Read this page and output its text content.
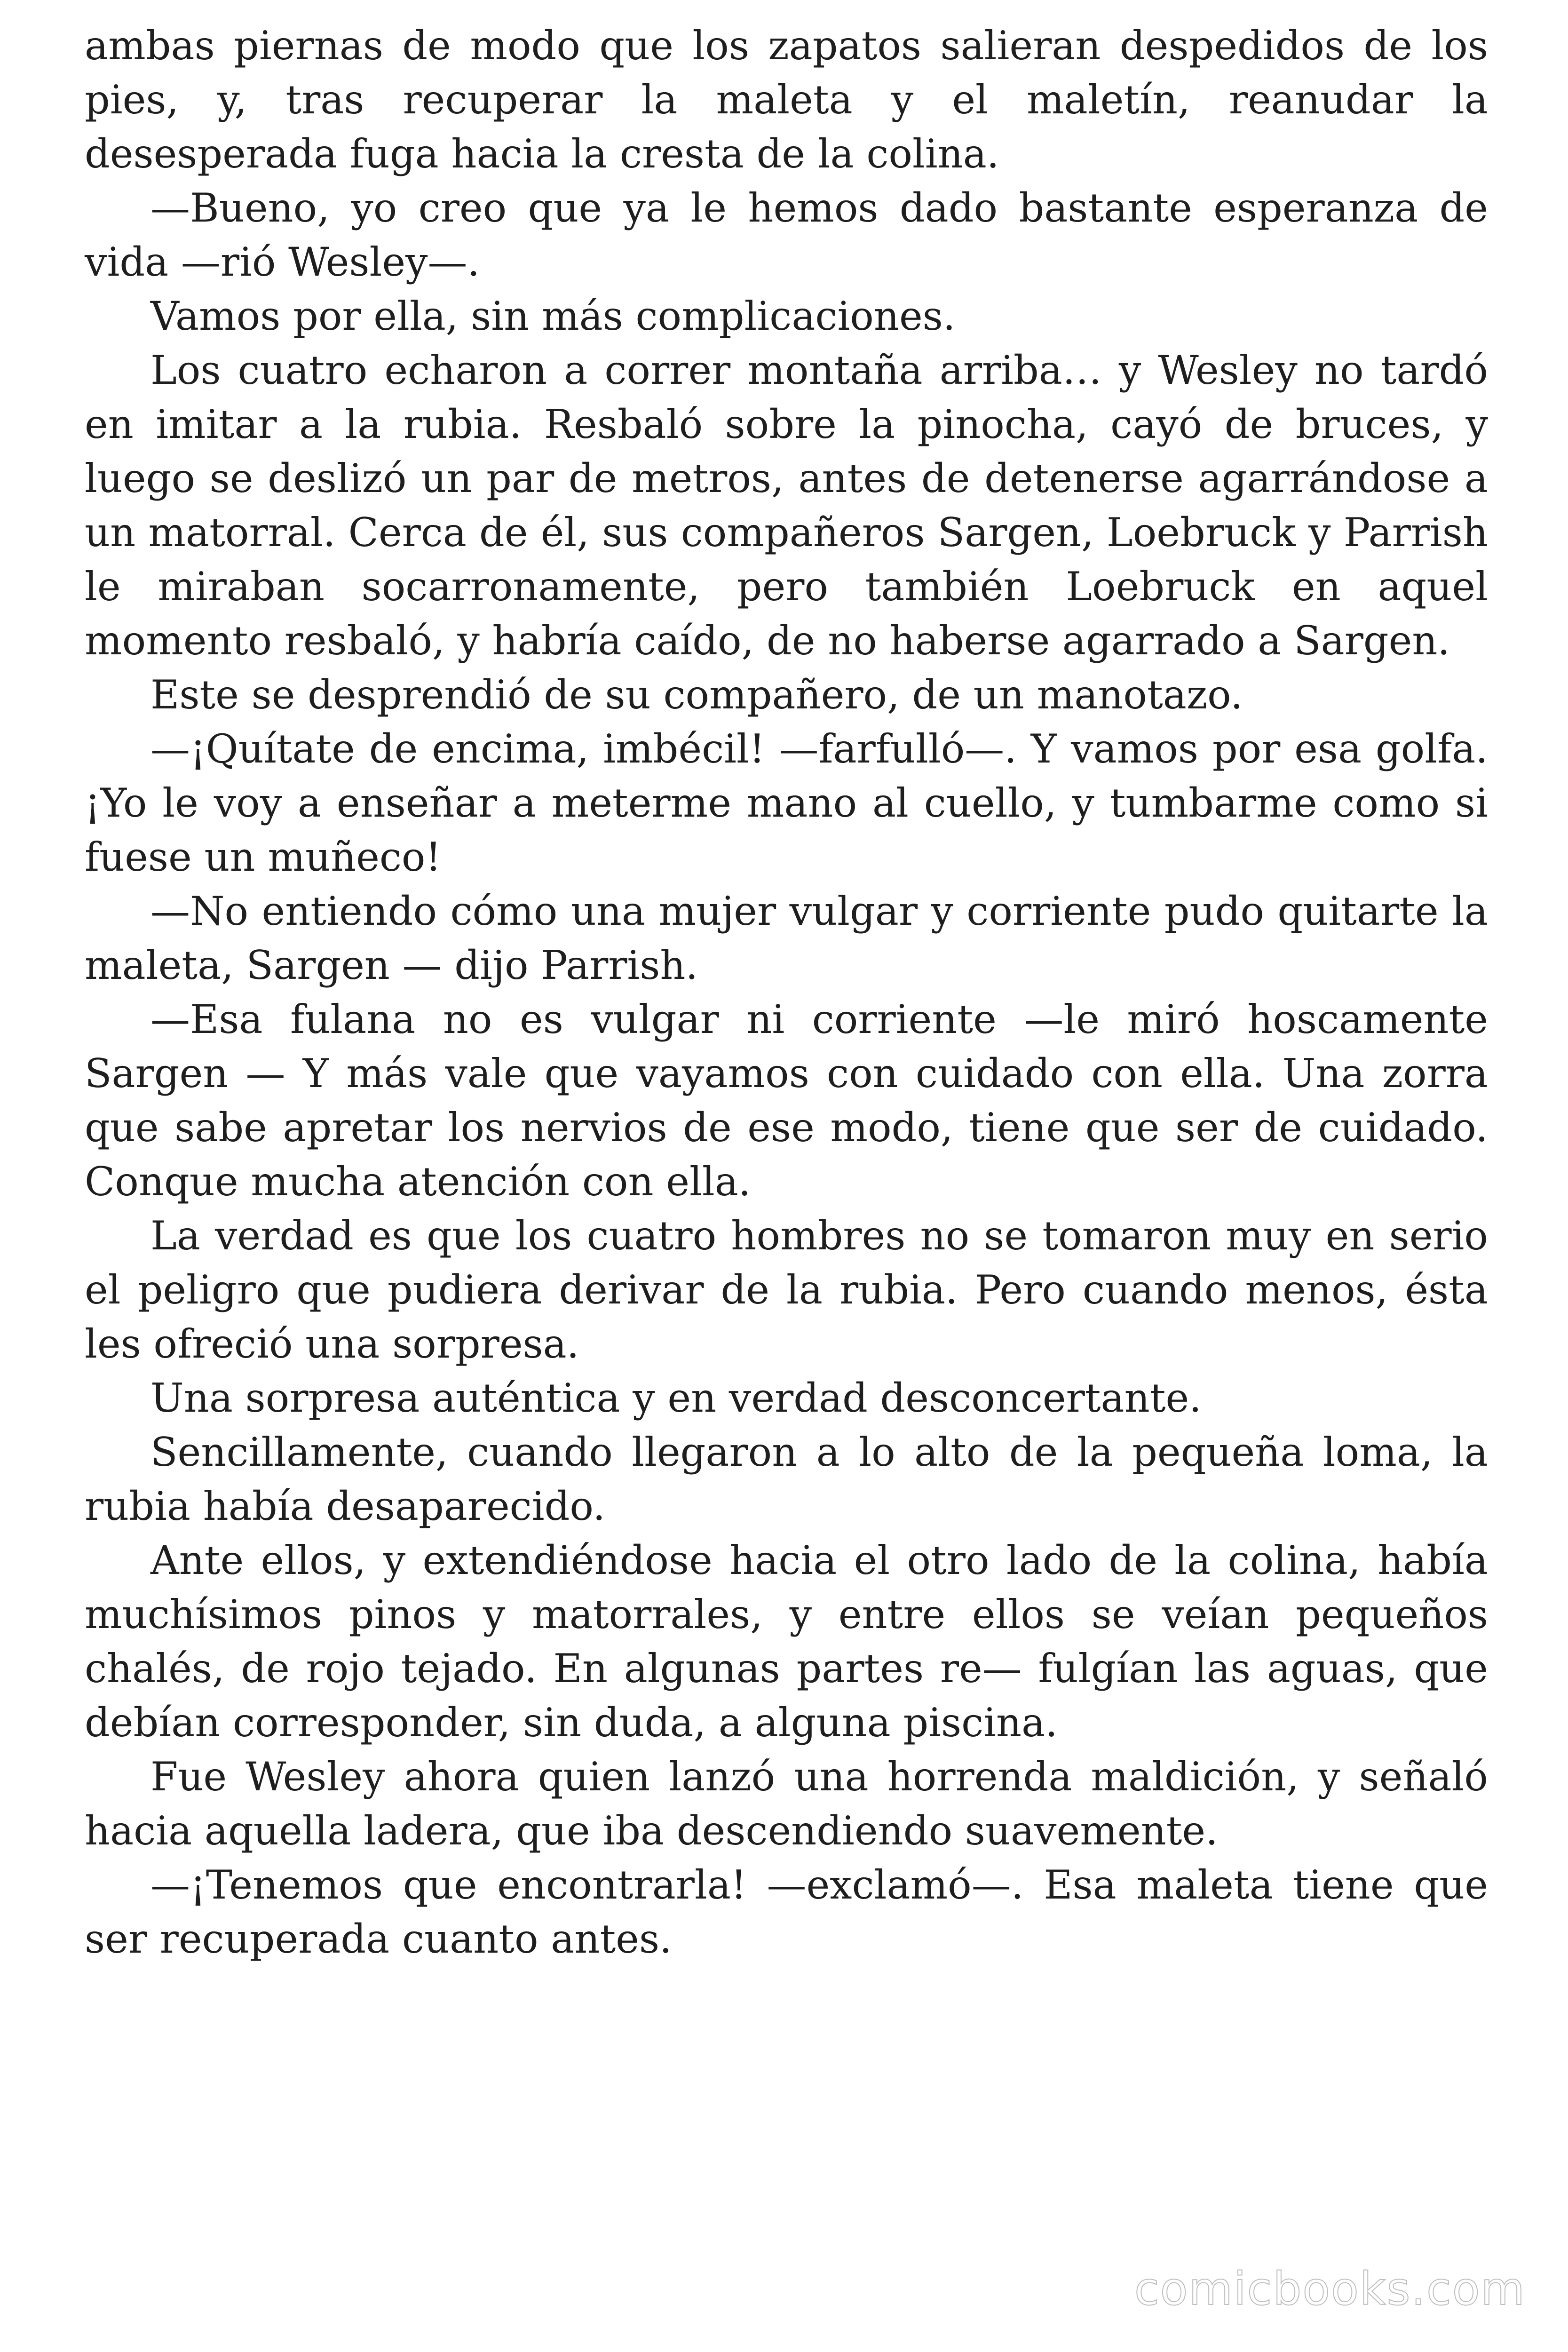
ambas piernas de modo que los zapatos salieran despedidos de los pies, y, tras recuperar la maleta y el maletín, reanudar la desesperada fuga hacia la cresta de la colina.

—Bueno, yo creo que ya le hemos dado bastante esperanza de vida —rió Wesley—.

Vamos por ella, sin más complicaciones.

Los cuatro echaron a correr montaña arriba… y Wesley no tardó en imitar a la rubia. Resbaló sobre la pinocha, cayó de bruces, y luego se deslizó un par de metros, antes de detenerse agarrándose a un matorral. Cerca de él, sus compañeros Sargen, Loebruck y Parrish le miraban socarronamente, pero también Loebruck en aquel momento resbaló, y habría caído, de no haberse agarrado a Sargen.

Este se desprendió de su compañero, de un manotazo.

—¡Quítate de encima, imbécil! —farfulló—. Y vamos por esa golfa. ¡Yo le voy a enseñar a meterme mano al cuello, y tumbarme como si fuese un muñeco!

—No entiendo cómo una mujer vulgar y corriente pudo quitarte la maleta, Sargen — dijo Parrish.

—Esa fulana no es vulgar ni corriente —le miró hoscamente Sargen — Y más vale que vayamos con cuidado con ella. Una zorra que sabe apretar los nervios de ese modo, tiene que ser de cuidado. Conque mucha atención con ella.

La verdad es que los cuatro hombres no se tomaron muy en serio el peligro que pudiera derivar de la rubia. Pero cuando menos, ésta les ofreció una sorpresa.

Una sorpresa auténtica y en verdad desconcertante.

Sencillamente, cuando llegaron a lo alto de la pequeña loma, la rubia había desaparecido.

Ante ellos, y extendiéndose hacia el otro lado de la colina, había muchísimos pinos y matorrales, y entre ellos se veían pequeños chalés, de rojo tejado. En algunas partes re— fulgían las aguas, que debían corresponder, sin duda, a alguna piscina.

Fue Wesley ahora quien lanzó una horrenda maldición, y señaló hacia aquella ladera, que iba descendiendo suavemente.

—¡Tenemos que encontrarla! —exclamó—. Esa maleta tiene que ser recuperada cuanto antes.

comicbooks.com
